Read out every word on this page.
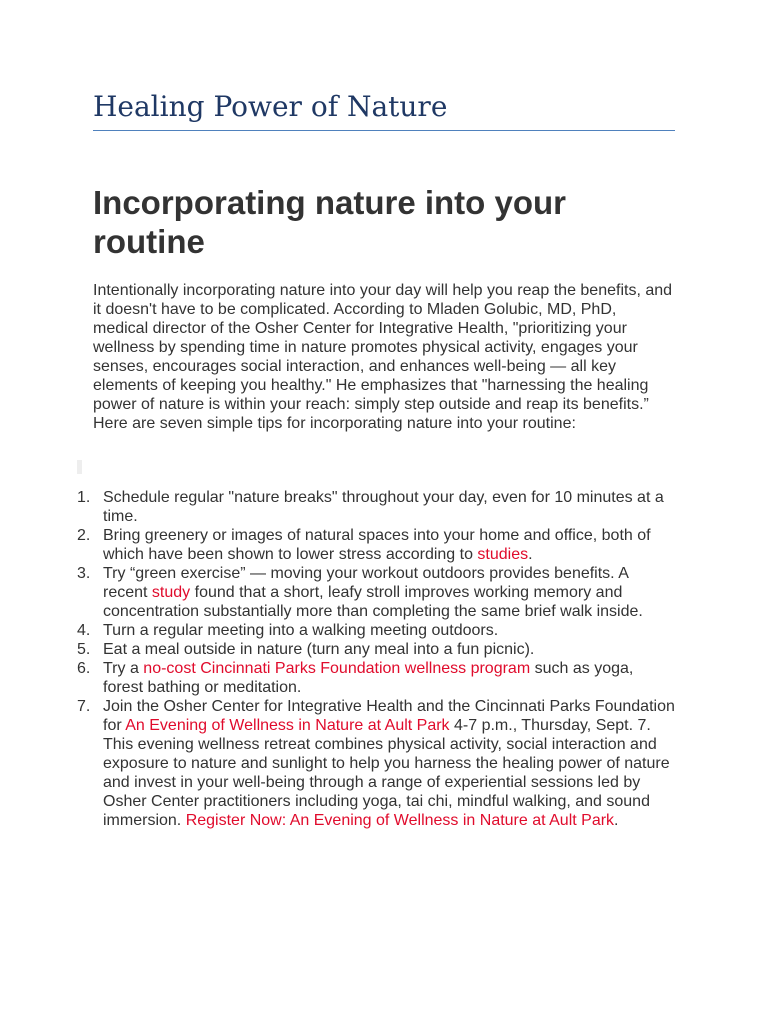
Healing Power of Nature
Incorporating nature into your routine

Intentionally incorporating nature into your day will help you reap the benefits, and it doesn't have to be complicated. According to Mladen Golubic, MD, PhD, medical director of the Osher Center for Integrative Health, "prioritizing your wellness by spending time in nature promotes physical activity, engages your senses, encourages social interaction, and enhances well-being — all key elements of keeping you healthy." He emphasizes that "harnessing the healing power of nature is within your reach: simply step outside and reap its benefits.”

Here are seven simple tips for incorporating nature into your routine:

1. Schedule regular "nature breaks" throughout your day, even for 10 minutes at a time.
2. Bring greenery or images of natural spaces into your home and office, both of which have been shown to lower stress according to studies.
3. Try “green exercise” — moving your workout outdoors provides benefits. A recent study found that a short, leafy stroll improves working memory and concentration substantially more than completing the same brief walk inside.
4. Turn a regular meeting into a walking meeting outdoors.
5. Eat a meal outside in nature (turn any meal into a fun picnic).
6. Try a no-cost Cincinnati Parks Foundation wellness program such as yoga, forest bathing or meditation.
7. Join the Osher Center for Integrative Health and the Cincinnati Parks Foundation for An Evening of Wellness in Nature at Ault Park 4-7 p.m., Thursday, Sept. 7. This evening wellness retreat combines physical activity, social interaction and exposure to nature and sunlight to help you harness the healing power of nature and invest in your well-being through a range of experiential sessions led by Osher Center practitioners including yoga, tai chi, mindful walking, and sound immersion. Register Now: An Evening of Wellness in Nature at Ault Park.
